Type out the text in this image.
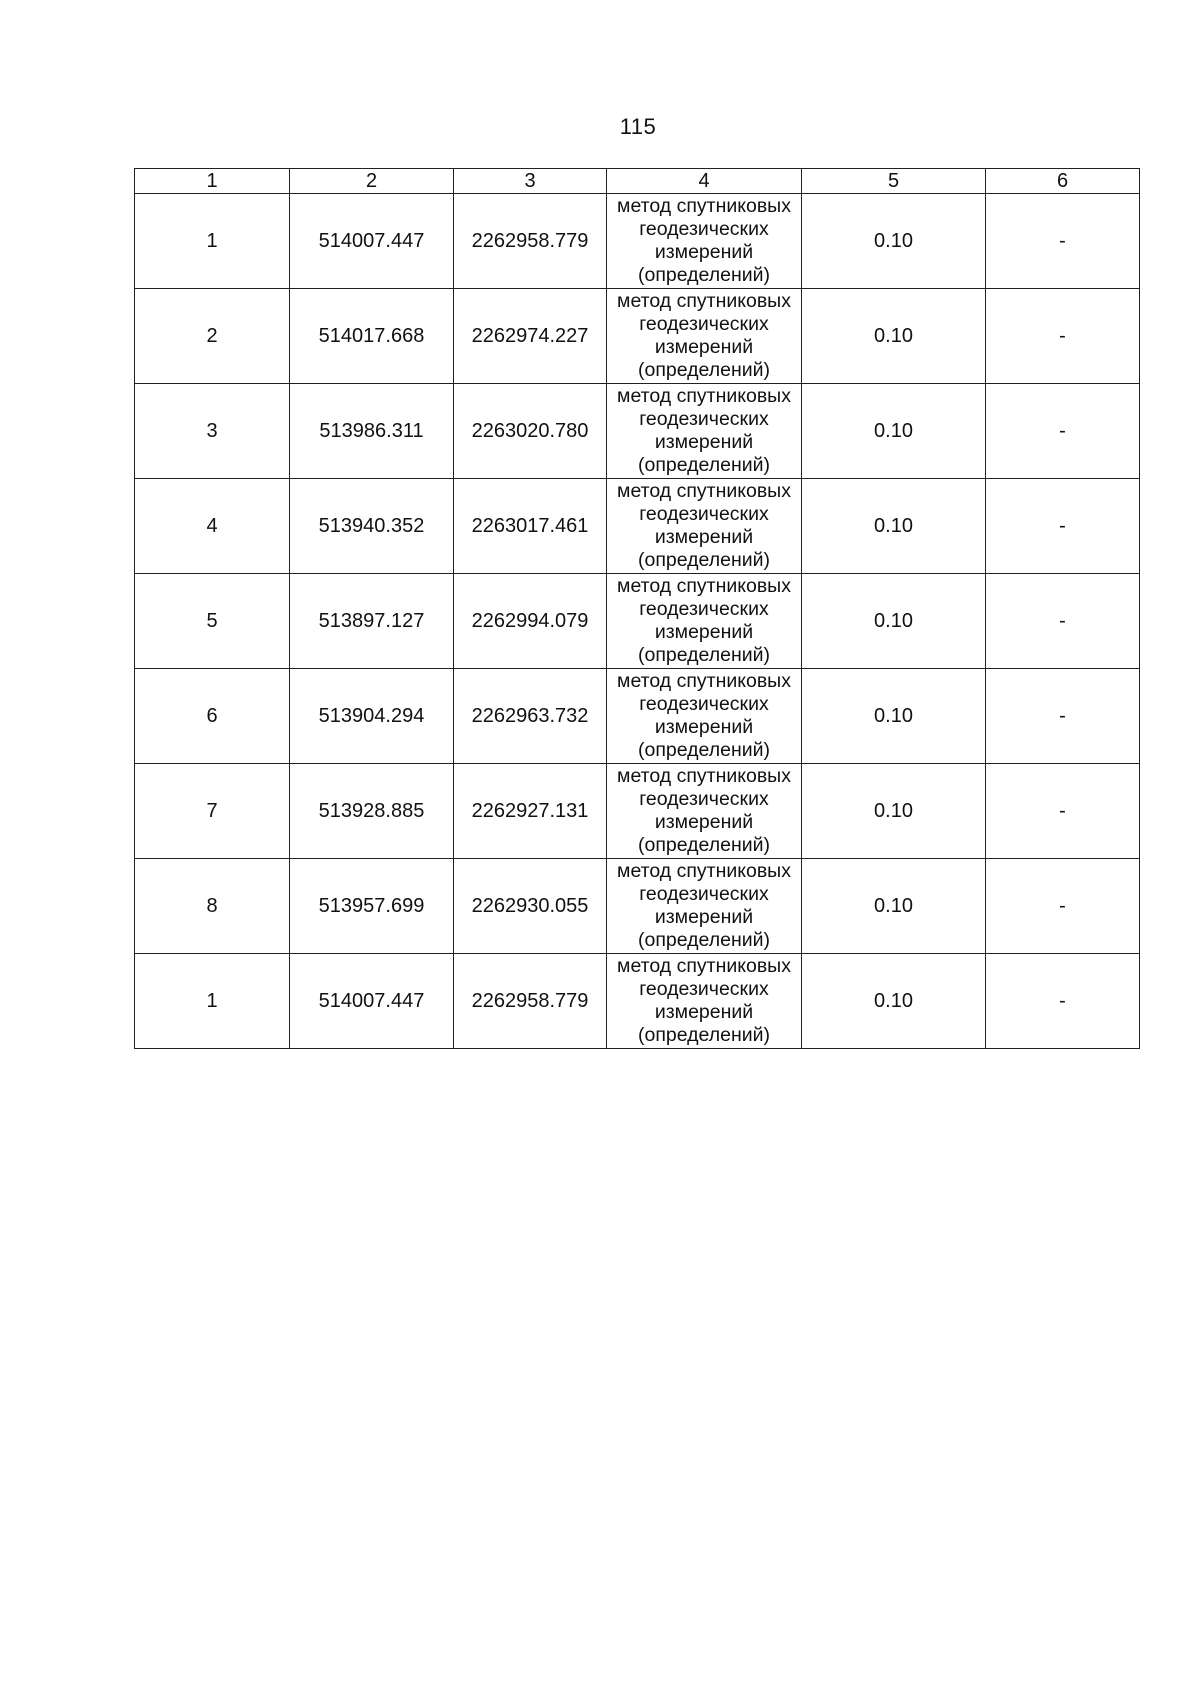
115
1	2	3	4	5	6
1	514007.447	2262958.779	метод спутниковых геодезических измерений (определений)	0.10	-
2	514017.668	2262974.227	метод спутниковых геодезических измерений (определений)	0.10	-
3	513986.311	2263020.780	метод спутниковых геодезических измерений (определений)	0.10	-
4	513940.352	2263017.461	метод спутниковых геодезических измерений (определений)	0.10	-
5	513897.127	2262994.079	метод спутниковых геодезических измерений (определений)	0.10	-
6	513904.294	2262963.732	метод спутниковых геодезических измерений (определений)	0.10	-
7	513928.885	2262927.131	метод спутниковых геодезических измерений (определений)	0.10	-
8	513957.699	2262930.055	метод спутниковых геодезических измерений (определений)	0.10	-
1	514007.447	2262958.779	метод спутниковых геодезических измерений (определений)	0.10	-
